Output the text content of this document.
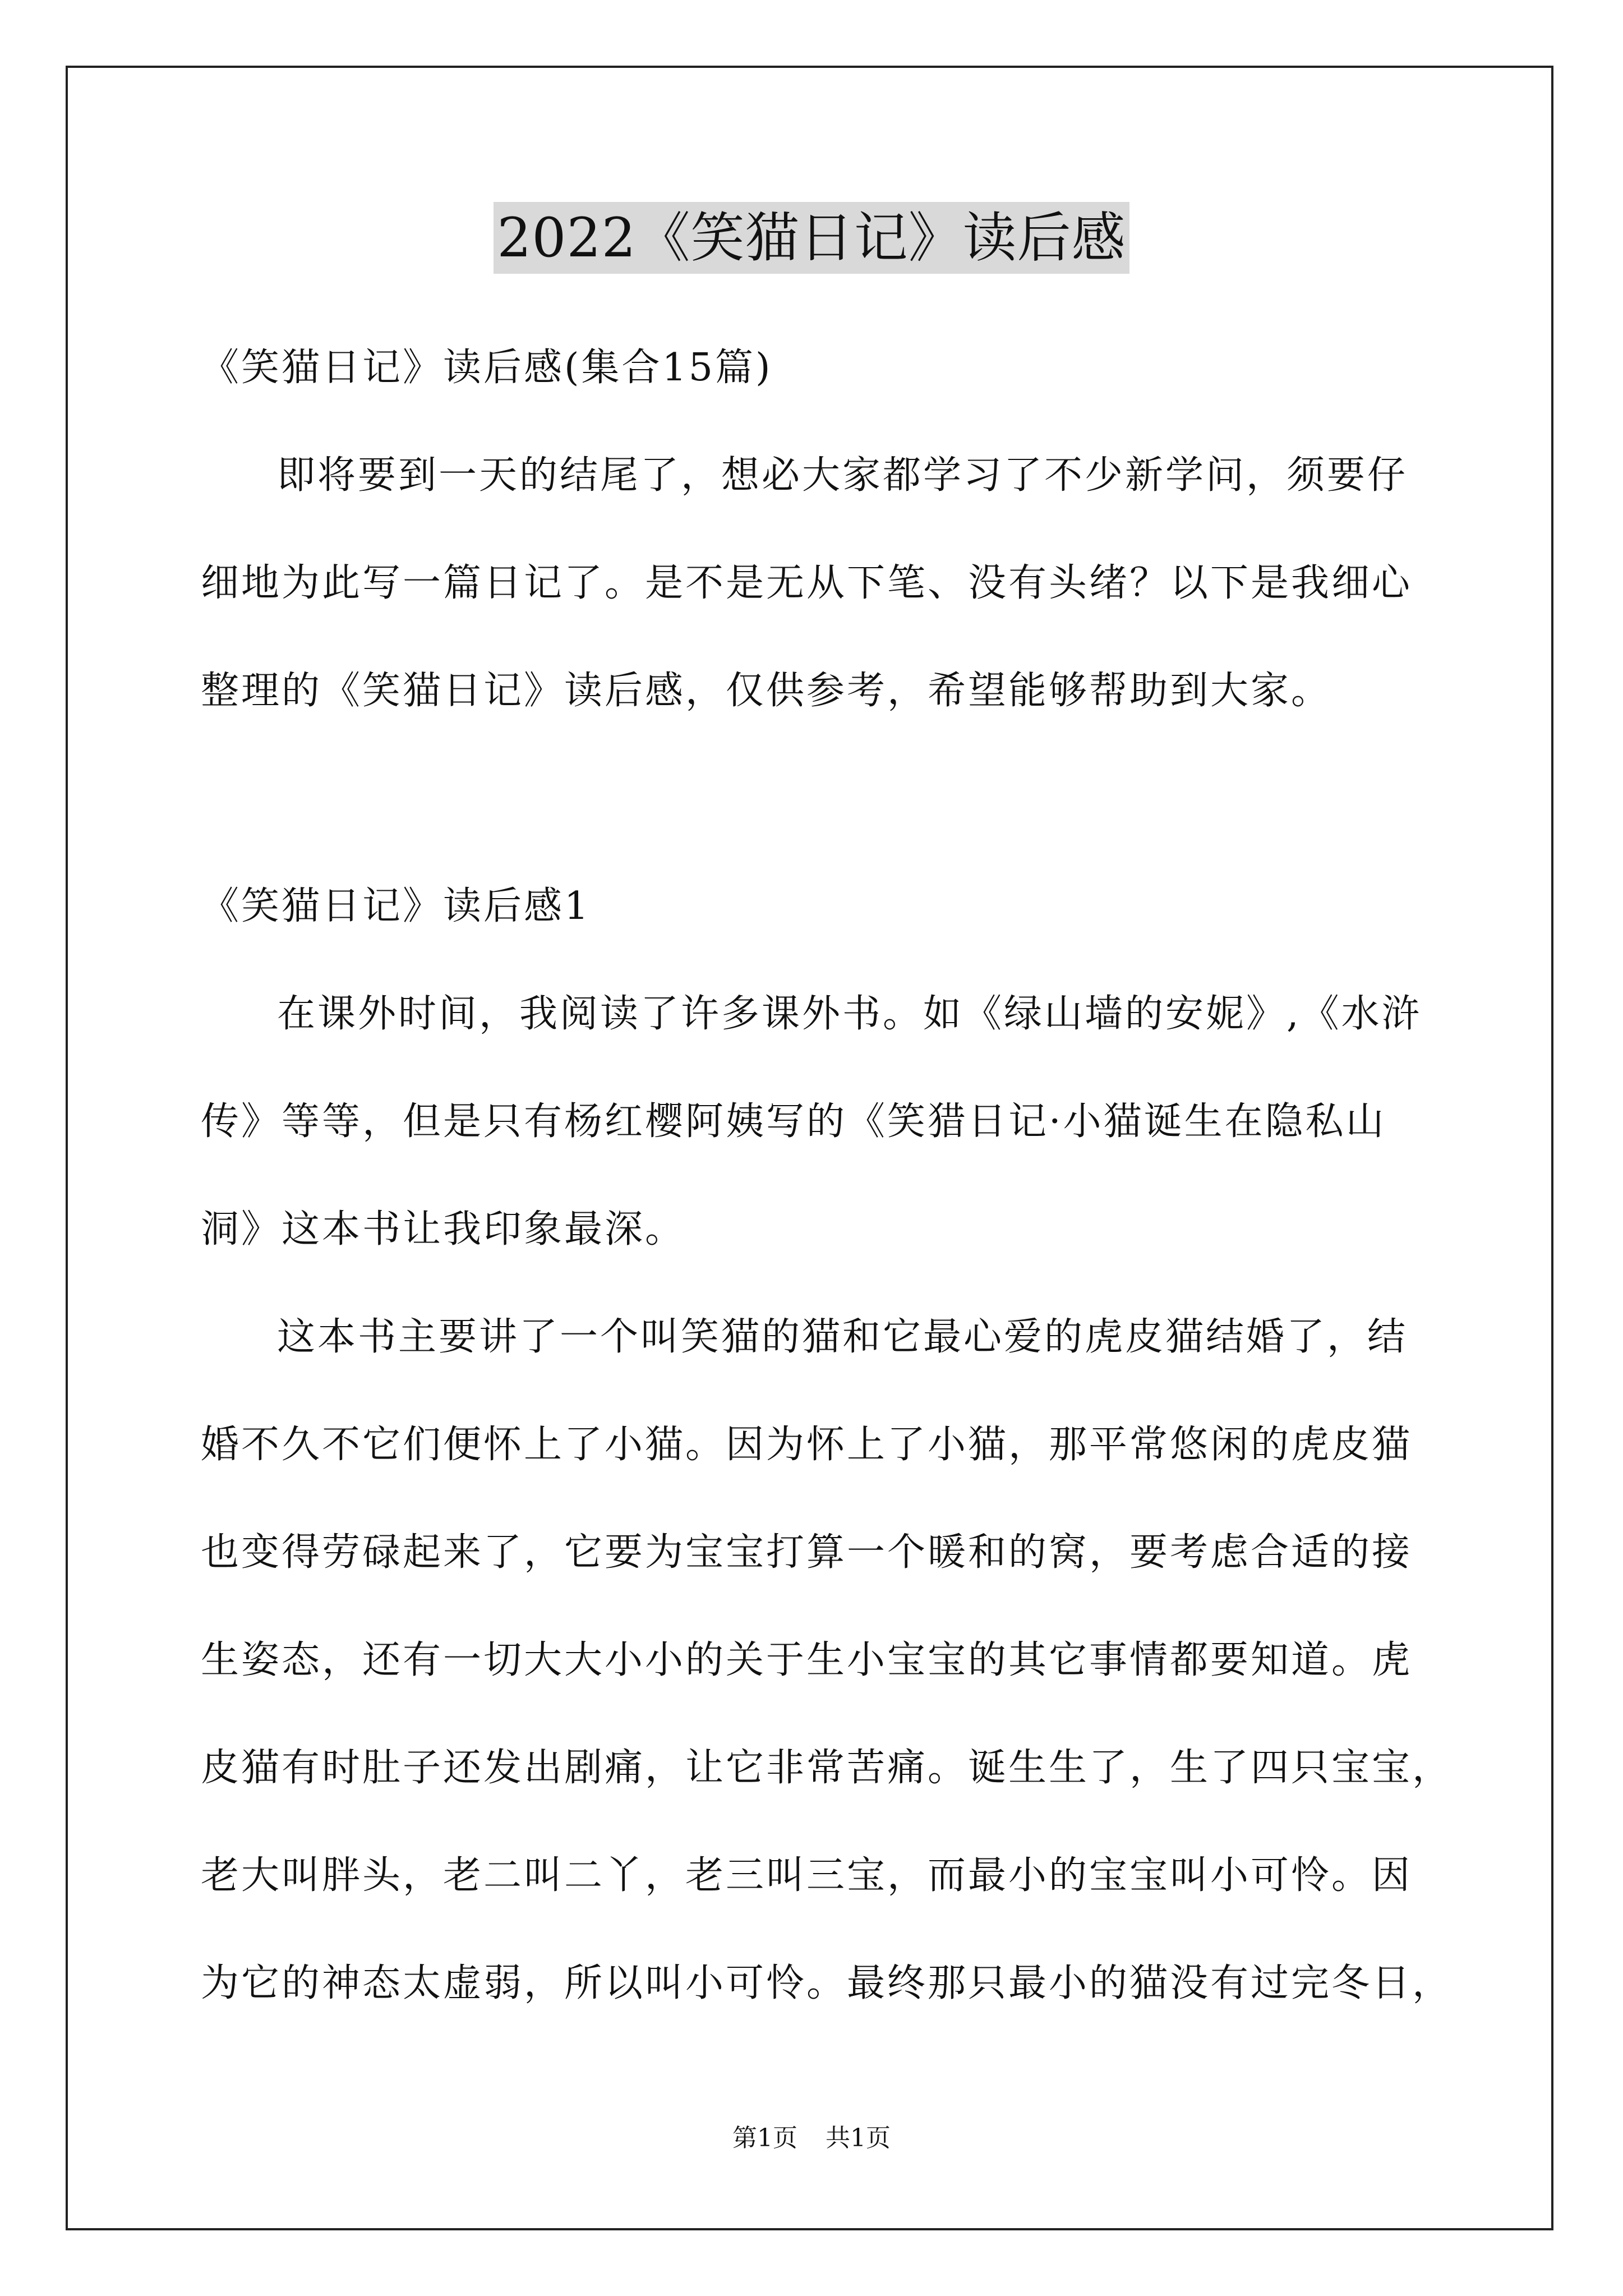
2022《笑猫日记》读后感
《笑猫日记》读后感(集合15篇)
即将要到一天的结尾了，想必大家都学习了不少新学问，须要仔
细地为此写一篇日记了。是不是无从下笔、没有头绪？以下是我细心
整理的《笑猫日记》读后感，仅供参考，希望能够帮助到大家。
《笑猫日记》读后感1
在课外时间，我阅读了许多课外书。如《绿山墙的安妮》,《水浒
传》等等，但是只有杨红樱阿姨写的《笑猎日记·小猫诞生在隐私山
洞》这本书让我印象最深。
这本书主要讲了一个叫笑猫的猫和它最心爱的虎皮猫结婚了，结
婚不久不它们便怀上了小猫。因为怀上了小猫，那平常悠闲的虎皮猫
也变得劳碌起来了，它要为宝宝打算一个暖和的窝，要考虑合适的接
生姿态，还有一切大大小小的关于生小宝宝的其它事情都要知道。虎
皮猫有时肚子还发出剧痛，让它非常苦痛。诞生生了，生了四只宝宝，
老大叫胖头，老二叫二丫，老三叫三宝，而最小的宝宝叫小可怜。因
为它的神态太虚弱，所以叫小可怜。最终那只最小的猫没有过完冬日，
第1页 共1页
